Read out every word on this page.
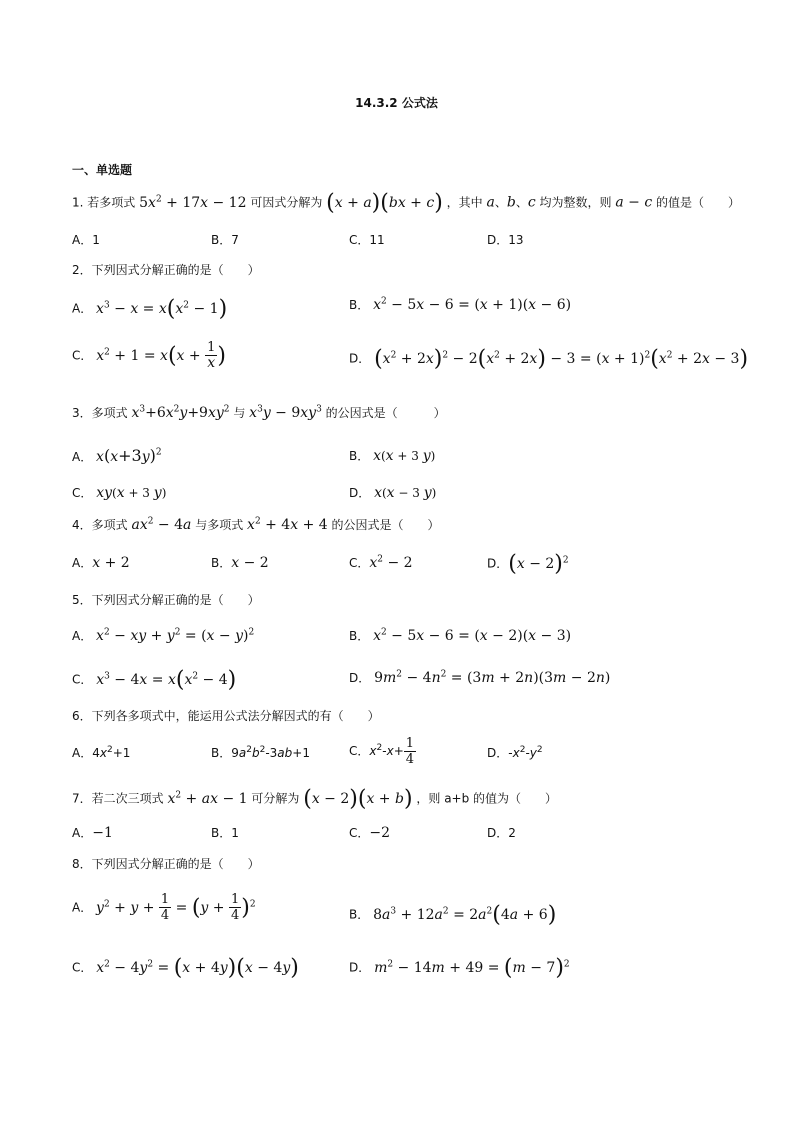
14.3.2 公式法
一、单选题
1. 若多项式 $5x^2 + 17x - 12$ 可因式分解为 (x + a)(bx + c) ，其中 a、b、c 均为整数，则 a − c 的值是（　　）
A．1	B．7	C．11	D．13
2．下列因式分解正确的是（　　）
A． $x^3 - x = x(x^2 - 1)$	B． $x^2 - 5x - 6 = (x + 1)(x - 6)$
C． $x^2 + 1 = x(x + \frac{1}{x}$ )	D． $(x^2 + 2x)^2 - 2(x^2 + 2x) - 3 = (x + 1)^2(x^2 + 2x - 3)$
3．多项式 $x^3+6x^2y+9xy^2$ 与 $x^3y - 9xy^3$ 的公因式是（　　　）
A． $x(x+3y)^2$	B． x(x + 3 y)
C． xy(x + 3 y)	D． x(x − 3 y)
4．多项式 $ax^2 - 4a$ 与多项式 $x^2 + 4x + 4$ 的公因式是（　　）
A．x + 2	B．x − 2	C．$x^2 - 2$	D．$(x - 2)^2$
5．下列因式分解正确的是（　　）
A． $x^2$ − xy + $y^2 = (x - y)^2$	B． $x^2 - 5x - 6 = (x - 2)(x - 3)$
C． $x^3 - 4x = x(x^2 - 4)$	D． $9m^2 - 4n^2 = (3m + 2n)(3m - 2n)$
6．下列各多项式中，能运用公式法分解因式的有（　　）
A．$4x^2+1$	B．$9a^2b^2-3ab+1$	C．$x^2-x+ \frac{1}{4}$	D．$-x^2-y^2$
7．若二次三项式 $x^2$ + ax − 1 可分解为 (x − 2)(x + b) ，则 a+b 的值为（　　）
A．−1	B．1	C．−2	D．2
8．下列因式分解正确的是（　　）
A． $y^2 + y + \frac{1}{4} = (y + \frac{1}{4} )^2$
B． $8a^3 + 12a^2 = 2a^2(4a + 6)$
C． $x^2 - 4y^2 = (x + 4y)(x - 4y)$	D． $m^2 - 14m + 49 = (m - 7)^2$
